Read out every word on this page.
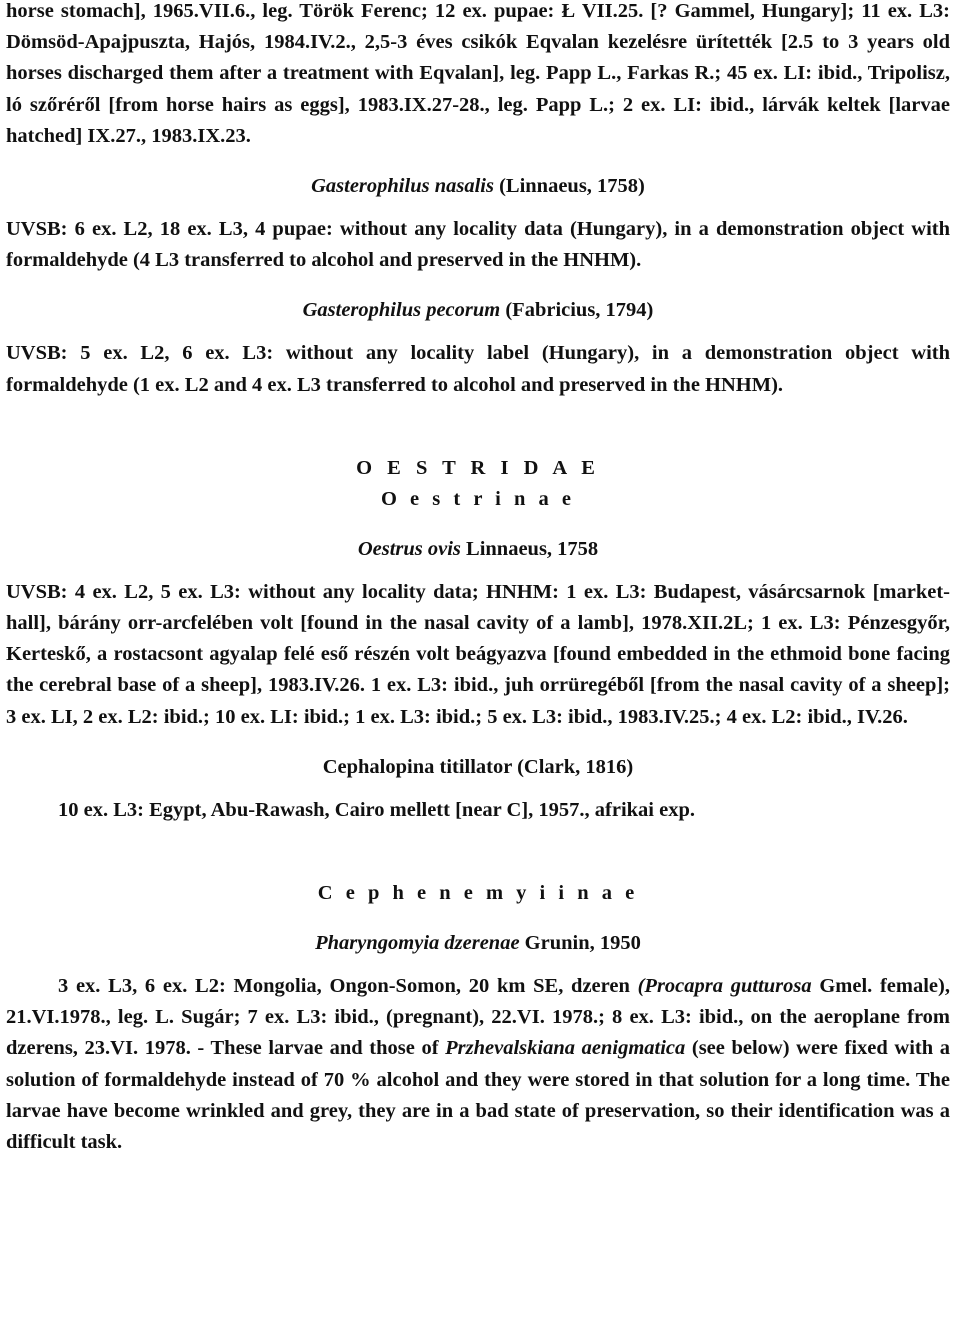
horse stomach], 1965.VII.6., leg. Török Ferenc; 12 ex. pupae: Ł VII.25. [? Gammel, Hungary]; 11 ex. L3: Dömsöd-Apajpuszta, Hajós, 1984.IV.2., 2,5-3 éves csikók Eqvalan kezelésre ürítették [2.5 to 3 years old horses discharged them after a treatment with Eqvalan], leg. Papp L., Farkas R.; 45 ex. LI: ibid., Tripolisz, ló szőréről [from horse hairs as eggs], 1983.IX.27-28., leg. Papp L.; 2 ex. LI: ibid., lárvák keltek [larvae hatched] IX.27., 1983.IX.23.

Gasterophilus nasalis (Linnaeus, 1758)

UVSB: 6 ex. L2, 18 ex. L3, 4 pupae: without any locality data (Hungary), in a demonstration object with formaldehyde (4 L3 transferred to alcohol and preserved in the HNHM).

Gasterophilus pecorum (Fabricius, 1794)

UVSB: 5 ex. L2, 6 ex. L3: without any locality label (Hungary), in a demonstration object with formaldehyde (1 ex. L2 and 4 ex. L3 transferred to alcohol and preserved in the HNHM).

O E S T R I D A E

O e s t r i n a e

Oestrus ovis Linnaeus, 1758

UVSB: 4 ex. L2, 5 ex. L3: without any locality data; HNHM: 1 ex. L3: Budapest, vásárcsarnok [market-hall], bárány orr-arcfelében volt [found in the nasal cavity of a lamb], 1978.XII.2L; 1 ex. L3: Pénzesgyőr, Kerteskő, a rostacsont agyalap felé eső részén volt beágyazva [found embedded in the ethmoid bone facing the cerebral base of a sheep], 1983.IV.26. 1 ex. L3: ibid., juh orrüregéből [from the nasal cavity of a sheep]; 3 ex. LI, 2 ex. L2: ibid.; 10 ex. LI: ibid.; 1 ex. L3: ibid.; 5 ex. L3: ibid., 1983.IV.25.; 4 ex. L2: ibid., IV.26.

Cephalopina titillator (Clark, 1816)

10 ex. L3: Egypt, Abu-Rawash, Cairo mellett [near C], 1957., afrikai exp.

C e p h e n e m y i i n a e

Pharyngomyia dzerenae Grunin, 1950

3 ex. L3, 6 ex. L2: Mongolia, Ongon-Somon, 20 km SE, dzeren (Procapra gutturosa Gmel. female), 21.VI.1978., leg. L. Sugár; 7 ex. L3: ibid., (pregnant), 22.VI. 1978.; 8 ex. L3: ibid., on the aeroplane from dzerens, 23.VI. 1978. - These larvae and those of Przhevalskiana aenigmatica (see below) were fixed with a solution of formaldehyde instead of 70 % alcohol and they were stored in that solution for a long time. The larvae have become wrinkled and grey, they are in a bad state of preservation, so their identification was a difficult task.
